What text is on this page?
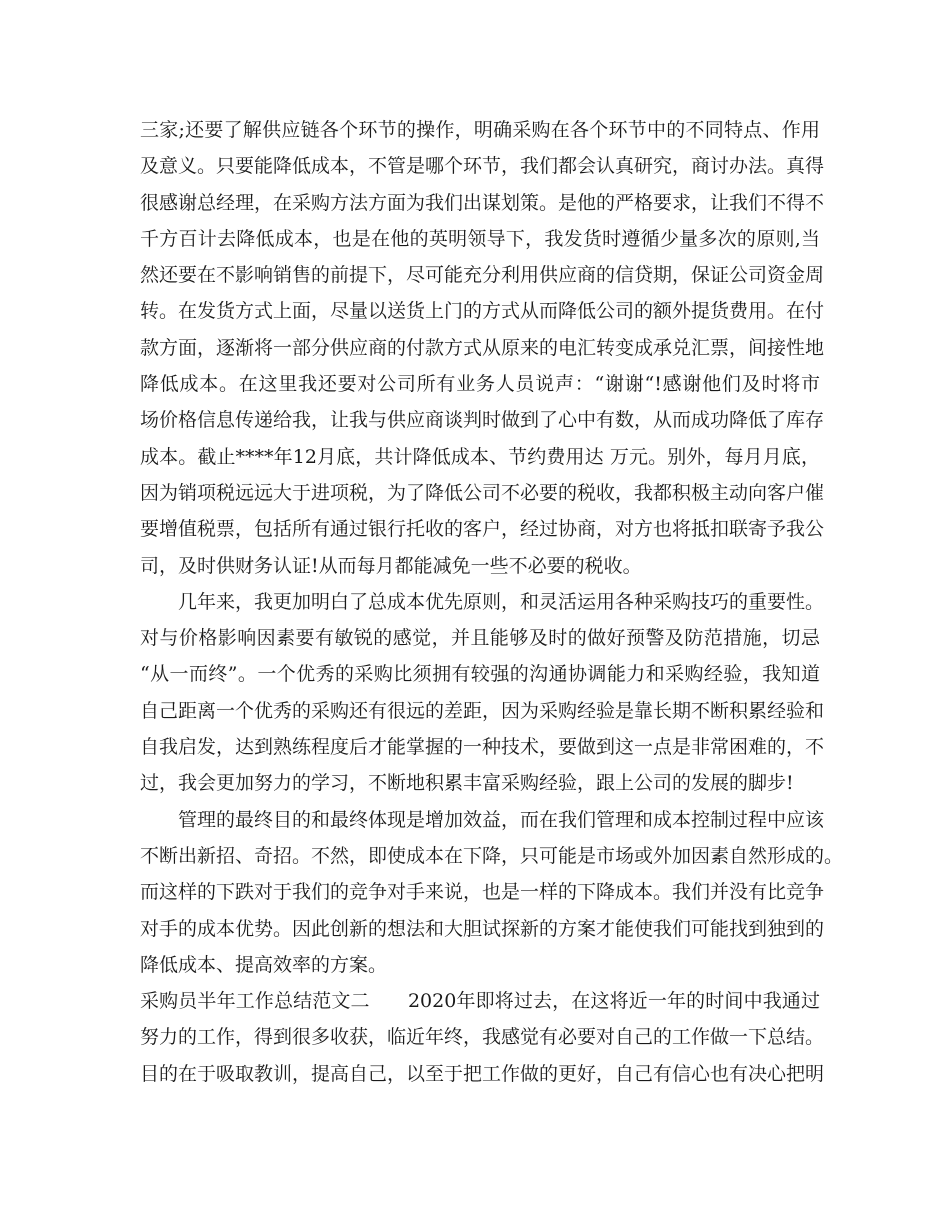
三家;还要了解供应链各个环节的操作，明确采购在各个环节中的不同特点、作用
及意义。只要能降低成本，不管是哪个环节，我们都会认真研究，商讨办法。真得
很感谢总经理，在采购方法方面为我们出谋划策。是他的严格要求，让我们不得不
千方百计去降低成本，也是在他的英明领导下，我发货时遵循少量多次的原则,当
然还要在不影响销售的前提下，尽可能充分利用供应商的信贷期，保证公司资金周
转。在发货方式上面，尽量以送货上门的方式从而降低公司的额外提货费用。在付
款方面，逐渐将一部分供应商的付款方式从原来的电汇转变成承兑汇票，间接性地
降低成本。在这里我还要对公司所有业务人员说声：“谢谢“!感谢他们及时将市
场价格信息传递给我，让我与供应商谈判时做到了心中有数，从而成功降低了库存
成本。截止****年12月底，共计降低成本、节约费用达 万元。别外，每月月底，
因为销项税远远大于进项税，为了降低公司不必要的税收，我都积极主动向客户催
要增值税票，包括所有通过银行托收的客户，经过协商，对方也将抵扣联寄予我公
司，及时供财务认证!从而每月都能减免一些不必要的税收。
几年来，我更加明白了总成本优先原则，和灵活运用各种采购技巧的重要性。
对与价格影响因素要有敏锐的感觉，并且能够及时的做好预警及防范措施，切忌
“从一而终”。一个优秀的采购比须拥有较强的沟通协调能力和采购经验，我知道
自己距离一个优秀的采购还有很远的差距，因为采购经验是靠长期不断积累经验和
自我启发，达到熟练程度后才能掌握的一种技术，要做到这一点是非常困难的，不
过，我会更加努力的学习，不断地积累丰富采购经验，跟上公司的发展的脚步!
管理的最终目的和最终体现是增加效益，而在我们管理和成本控制过程中应该
不断出新招、奇招。不然，即使成本在下降，只可能是市场或外加因素自然形成的。
而这样的下跌对于我们的竞争对手来说，也是一样的下降成本。我们并没有比竞争
对手的成本优势。因此创新的想法和大胆试探新的方案才能使我们可能找到独到的
降低成本、提高效率的方案。
采购员半年工作总结范文二　　2020年即将过去，在这将近一年的时间中我通过
努力的工作，得到很多收获，临近年终，我感觉有必要对自己的工作做一下总结。
目的在于吸取教训，提高自己，以至于把工作做的更好，自己有信心也有决心把明
